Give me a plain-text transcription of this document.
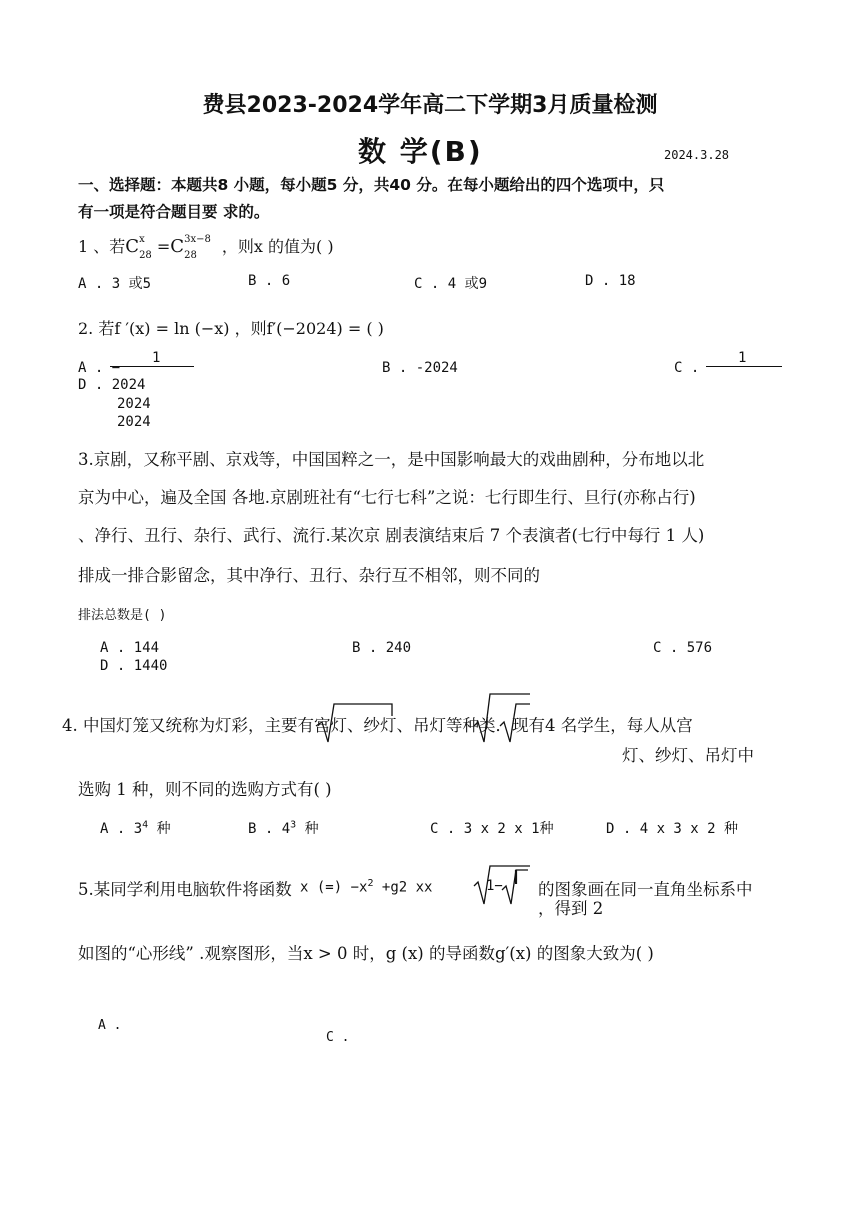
费县2023-2024学年高二下学期3月质量检测
数 学(B)	2024.3.28
一、选择题：本题共8 小题，每小题5 分，共40 分。在每小题给出的四个选项中，只
有一项是符合题目要 求的。
1 、若C x
28 =C 3x−8
28 ，则x 的值为( )
A . 3 或5	B . 6	C . 4 或9	D . 18
2. 若f ′(x) = ln (−x) ，则f′(−2024) = ( )
A . −
1
B . -2024	C .
1
D . 2024
2024
2024
3.京剧，又称平剧、京戏等，中国国粹之一，是中国影响最大的戏曲剧种，分布地以北
京为中心，遍及全国 各地.京剧班社有“七行七科”之说：七行即生行、旦行(亦称占行)
、净行、丑行、杂行、武行、流行.某次京 剧表演结束后 7 个表演者(七行中每行 1 人)
排成一排合影留念，其中净行、丑行、杂行互不相邻，则不同的
排法总数是( )
A . 144	B . 240	C . 576
D . 1440
4. 中国灯笼又统称为灯彩，主要有宫灯、纱灯、吊灯等种类．现有4 名学生，每人从宫
灯、纱灯、吊灯中
选购 1 种，则不同的选购方式有( )
A . $3^4$ 种	B . $4^3$ 种	C . 3 x 2 x 1种	D . 4 x 3 x 2 种
5.某同学利用电脑软件将函数 x (=) $-x^2 +g2$ xx	1− 的图象画在同一直角坐标系中
，得到 2
如图的“心形线” .观察图形，当x > 0 时，g (x) 的导函数g′(x) 的图象大致为( )
A .
C .
